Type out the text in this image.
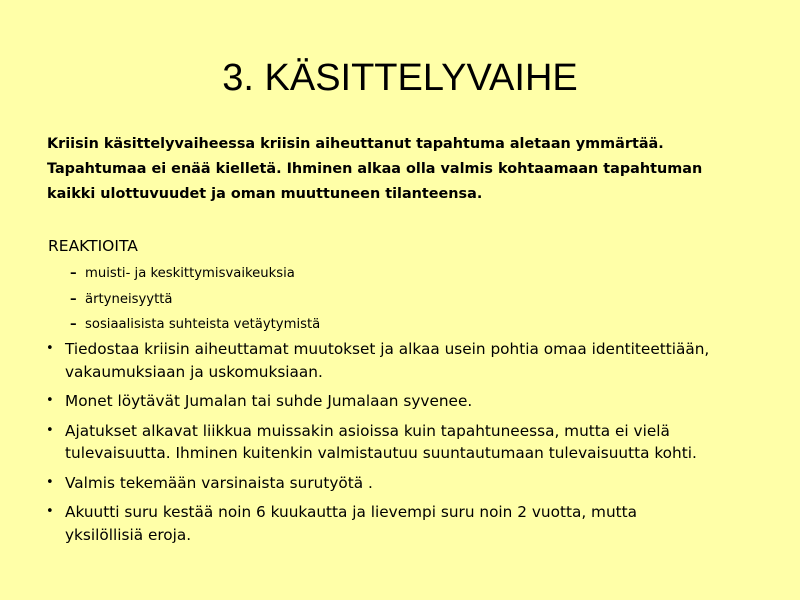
3. KÄSITTELYVAIHE
Kriisin käsittelyvaiheessa kriisin aiheuttanut tapahtuma aletaan ymmärtää.
Tapahtumaa ei enää kielletä. Ihminen alkaa olla valmis kohtaamaan tapahtuman
kaikki ulottuvuudet ja oman muuttuneen tilanteensa.
REAKTIOITA
– muisti- ja keskittymisvaikeuksia
– ärtyneisyyttä
– sosiaalisista suhteista vetäytymistä
• Tiedostaa kriisin aiheuttamat muutokset ja alkaa usein pohtia omaa identiteettiään,
vakaumuksiaan ja uskomuksiaan.
• Monet löytävät Jumalan tai suhde Jumalaan syvenee.
• Ajatukset alkavat liikkua muissakin asioissa kuin tapahtuneessa, mutta ei vielä
tulevaisuutta. Ihminen kuitenkin valmistautuu suuntautumaan tulevaisuutta kohti.
• Valmis tekemään varsinaista surutyötä .
• Akuutti suru kestää noin 6 kuukautta ja lievempi suru noin 2 vuotta, mutta
yksilöllisiä eroja.
